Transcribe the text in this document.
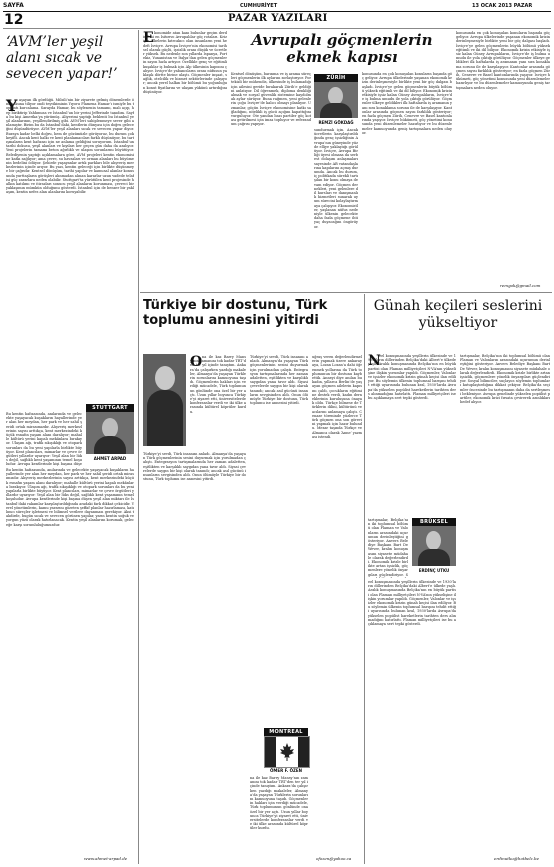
SAYFA	CUMHURİYET	13 OCAK 2013 PAZAR
12	PAZAR YAZILARI
‘AVM’ler yeşil alanı sıcak ve sevecen yapar!’
Y aşayan ilk gördüğü. Milsili’nin bir ziyarete gelmiş dönemlerde öne sokuna tiliyor ondi teşvikiminin Yıyoru Plamena Hamar’ı ismiyle bu toplantı kurcalama. Sarayda Hamar, bu söylenenin tamamı, malı açıp, hep biriktirip Yahhmusa ve İstanbul’un bir yerini Jefferinde tanıdım. Sayfa bu kişi Amerika’ya yürümüş. Aliyerimi yaptığı beklenti bu İstanbul yeşil alanlarının, yeşillendirilmiş gibi. AVM’leri sahiplenmeye sever gibi anlamıştır. Birim bu da İstanbul’daki, kentlerin dünyası için doğru geleceğini düşündürüyor. AVM’ler yeşil alanları sıcak ve sevecen yapar diyor. Buraya kadar belki doğru, hem de gözümüzle görüyoruz, bu durum çok keyifli. Ancak kent halkı ve kent planlamacıları farklı düşünüyor, bu tartışmaların kent hafızası için ne anlama geldiğini soruyorum. İstanbul’un tarihi dokusu, yeşil alanları ve kıyıları her geçen gün daha da azalıyor. Yeni projelerin tamamı beton ağırlıklı ve ulaşım sorunlarını büyütüyor. Belediyenin yaptığı açıklamalara göre, AVM projeleri kentin ekonomisine katkı sağlıyor; ama çevre, su havzaları ve orman alanları bu büyümenin bedelini ödüyor. Şehirde yaşayanlar artık parkları bile alışveriş merkezlerinin içinde arıyor. Bu yazı, kentin geleceği için birlikte düşünmeye bir çağrıdır. Kentsel dönüşüm, tarihi yapılar ve kamusal alanlar konusunda yurttaşların görüşleri alınmadan alınan kararlar uzun vadede telafisi güç zararlara neden olabilir. Stuttgart’ta yürütülen kent projesinde halkın katılımı ve itirazları sonucu yeşil alanların korunması, çevreci bir yaklaşımın mümkün olduğunu gösterdi. İstanbul için de benzer bir yaklaşım, kentin nefes alan alanlarını koruyabilir.
STUTTGART
AHMET ARPAD
Bu kentin hafızasında, anılarında ve gelecekte yaşayacak kuşakların hayallerinde yer alan her meydan, her park ve her sahil şeridi ortak mirasımızdır. Alışveriş merkezlerinin sayısı arttıkça, kent merkezindeki küçük esnafın yaşam alanı daralıyor; mahalle kültürü yerini kapalı mekânlara bırakıyor. Ulaşım ağı, trafik sıkışıklığı ve otopark sorunları da bu yeni yapılarla birlikte büyüyor. Kent plancıları, mimarlar ve çevre örgütleri yıllardır uyarıyor: Yeşil alan bir lüks değil, sağlıklı kent yaşamının temel koşuludur. Avrupa kentlerinde kişi başına düşe
Bu kentin hafızasında, anılarında ve gelecekte yaşayacak kuşakların hayallerinde yer alan her meydan, her park ve her sahil şeridi ortak mirasımızdır. Alışveriş merkezlerinin sayısı arttıkça, kent merkezindeki küçük esnafın yaşam alanı daralıyor; mahalle kültürü yerini kapalı mekânlara bırakıyor. Ulaşım ağı, trafik sıkışıklığı ve otopark sorunları da bu yeni yapılarla birlikte büyüyor. Kent plancıları, mimarlar ve çevre örgütleri yıllardır uyarıyor: Yeşil alan bir lüks değil, sağlıklı kent yaşamının temel koşuludur. Avrupa kentlerinde kişi başına düşen yeşil alan miktarı ile İstanbul’daki rakamlar karşılaştırıldığında aradaki fark dikkat çekicidir. Yerel yönetimlerin, kamu yararını gözeten şeffaf planlar hazırlaması, katılımcı süreçler işletmesi ve bilimsel verilere dayanması gerekiyor. Aksi takdirde, bugün sıcak ve sevecen görünen yapılar, yarın kentin soğuk ve yorgun yüzü olarak hatırlanacak. Kentin yeşil alanlarını korumak, geleceğe karşı sorumluluğumuzdur.
www.ahmet-arpad.de
E konomide atan kanı bulunlar geçim derdindeki en Isitırıvo Avrupalılar göç rotaları. Kriziyle ülkelerin kıtrcakıcı olan insanların yeni hedefi İsviçre. Avrupa İsviçre’nin ekonomisi tarihsel olarak güçlü, işsizlik oranı düşük ve ücretler yüksek. Bu nedenle son yıllarda İspanya, Portekiz, Yunanistan ve İtalya’dan gelen göçmenlerin sayısı hızla artıyor. Özellikle genç ve eğitimli kuşaklar iş bulmak için Alp ülkesinin kapısını çalıyor. İsviçre’de yabancıların oranı nüfusun yaklaşık dörtte birine ulaştı. Göçmenler inşaat, sağlık, otelcilik ve hizmet sektörlerinde çalışıyor; ancak yerel halkın bir bölümü bu yoğunluğun konut fiyatlarını ve ulaşım yükünü artırdığını düşünüyor.
Avrupalı göçmenlerin ekmek kapısı
Kentsel dönüşüm, barınma ve iş arama süreçleri göçmenlerin ilk aylarını zorlaştırıyor. Portekizli bir mühendis, ülkesinde iş bulamadığı için ailesini geride bırakarak Zürih’e geldiğini anlatıyor. Dil öğrenmek, diploma denkliği almak ve sosyal güvenlik sistemine kaydolmak aylar sürüyor. Buna rağmen, yeni gelenlerin çoğu İsviçre’de kalıcı olmayı planlıyor. Uzmanlar, göçün İsviçre ekonomisine katkı sağladığını, nitelikli iş gücü açığını kapattığını vurguluyor. Öte yandan bazı partiler göç kotası getirilmesi için imza topluyor ve referandum çağrısı yapıyor.
ZÜRİH
REMZİ GÖKDAĞ
sundurmak için. Ancak ücretlerin karşılaştırıldığında genç işsizliğinin Avrupa’nın güneyinde yüzde elliye yaklaştığı görülüyor. İsviçre, Avrupa Birliği üyesi olmasa da serbest dolaşım anlaşmaları sayesinde AB vatandaşlarına kapılarını açmış durumda. Ancak bu durum, iç politikada sürekli tartışılan bir konu olmaya devam ediyor. Göçmen dernekleri, yeni gelenlere dil kursları ve danışmanlık hizmetleri sunarak uyum sürecini kolaylaştırmaya çalışıyor. Ekonomistler, yaşlanan nüfus nedeniyle ülkenin gelecekte daha fazla göçmene ihtiyaç duyacağını öngörüyor.
konusunda en çok konuşulan konuların başında göç geliyor. Avrupa ülkelerinde yaşanan ekonomik krizin derinleşmesiyle birlikte yeni bir göç dalgası başladı. İsviçre’ye gelen göçmenlerin büyük bölümü yüksek eğitimli ve iki dil biliyor. Ekonomik krizin etkisiyle işsiz kalan Güney Avrupalıların, İsviçre’de iş bulma umudu ile yola çıktığı görülüyor. Göçmenler ülkeye geldikleri ilk haftalarda iş aramanın yanı sıra konaklama sorunu ile de karşılaşıyor. Kantonlar arasında göçmen sayısı farklılık gösteriyor; en fazla göçmen Zürih, Cenevre ve Basel kantonlarında yaşıyor. İsviçre hükümeti, göç yönetimi konusunda yeni düzenlemeler hazırlıyor ve bu düzenlemeler kamuoyunda geniş tartışmalara neden oluyor.
konusunda en çok konuşulan konuların başında göç geliyor. Avrupa ülkelerinde yaşanan ekonomik krizin derinleşmesiyle birlikte yeni bir göç dalgası başladı. İsviçre’ye gelen göçmenlerin büyük bölümü yüksek eğitimli ve iki dil biliyor. Ekonomik krizin etkisiyle işsiz kalan Güney Avrupalıların, İsviçre’de iş bulma umudu ile yola çıktığı görülüyor. Göçmenler ülkeye geldikleri ilk haftalarda iş aramanın yanı sıra konaklama sorunu ile de karşılaşıyor. Kantonlar arasında göçmen sayısı farklılık gösteriyor; en fazla göçmen Zürih, Cenevre ve Basel kantonlarında yaşıyor. İsviçre hükümeti, göç yönetimi konusunda yeni düzenlemeler hazırlıyor ve bu düzenlemeler kamuoyunda geniş tartışmalara neden oluyor.
remgok@gmail.com
Türkiye bir dostunu, Türk toplumu annesini yitirdi
O na ile kaz Barry Mansy’nın zamanını tok kadar TRT’den ter yıl içinde tanıştım. Ankara’da çalışırken yazdığı makaleler, Almanya’da yaşayan Türklerin sorunlarını kamuoyuna taşıdı. Göçmenlerin hakları için verdiği mücadele, Türk toplumunun gönlünde ona özel bir yer açtı. Uzun yıllar boyunca Türkiye’yi ziyaret etti, üniversitelerde konferanslar verdi ve iki ülke arasında kültürel köprüler kurdu.
Türkiye’yi sevdi, Türk insanını anladı. Almanya’da yaşayan Türk göçmenlerinin sesini duyurmak için yorulmadan çalıştı. Entegrasyon tartışmalarında her zaman adaletten, eşitlikten ve karşılıklı saygıdan yana tavır aldı. Siyasi çevrelerde saygın bir kişi olarak tanındı; ancak asıl gücünü insanların sevgisinden aldı. Onun ölümüyle Türkiye bir dostunu, Türk toplumu ise annesini yitirdi.
Türkiye’yi sevdi, Türk insanını anladı. Almanya’da yaşayan Türk göçmenlerinin sesini duyurmak için yorulmadan çalıştı. Entegrasyon tartışmalarında her zaman adaletten, eşitlikten ve karşılıklı saygıdan yana tavır aldı. Siyasi çevrelerde saygın bir kişi olarak tanındı; ancak asıl gücünü insanların sevgisinden aldı. Onun ölümüyle Türkiye bir dostunu, Türk toplumu ise annesini yitirdi.
MONTREAL
ÖMER F. ÖZEN
na ile kaz Barry Mansy’nın zamanını tok kadar TRT’den ter yıl içinde tanıştım. Ankara’da çalışırken yazdığı makaleler, Almanya’da yaşayan Türklerin sorunlarını kamuoyuna taşıdı. Göçmenlerin hakları için verdiği mücadele, Türk toplumunun gönlünde ona özel bir yer açtı. Uzun yıllar boyunca Türkiye’yi ziyaret etti, üniversitelerde konferanslar verdi ve iki ülke arasında kültürel köprüler kurdu.
uğraş veren değerlendirmelerin yapmak üzere ankarayaya, Lozan Lozan’a dahi öğrenmek yollarına da Türk toplumunun bir dostunu kaybettik. Anneyi diye anılan bu kadın, yıllarca Berlin’de yaşayan göçmen ailelerin kapısını çaldı, çocukların eğitimine destek verdi, kadın derneklerinin kuruluşuna önayak oldu. Türkçe bilmese de Türklerin dilini, kültürünü ve acılarını anlamaya çalıştı. Cenaze töreninde yüzlerce Türk göçmen ona son görevini yapmak için hazır bulundu. Mezar taşında Türkçe ve Almanca olarak ‘Anne’ yazması istendi.
ofozen@yahoo.ca
Günah keçileri seslerini yükseltiyor
N
eel konuşmasında yeşillerin ülkesinde ve 1930’ların dillerinden Belçika’daki Albert’e ülkede yaşlı. Aralık konuşmasında Belçika’nın en büyük partisi olan Flaman milliyetçileri N-VA’nın yükselişine ilişkin yorumlar yapıldı. Göçmenler, Valonlar ve işsizler ekonomik krizin günah keçisi ilan ediliyor. Bu söylemin ülkenin toplumsal barışını tehdit ettiği uyarısında bulunan kral, 1930’larda Avrupa’da yükselen popülist hareketlerin tarihten ders alınmadığını hatırlattı. Flaman milliyetçileri ise bu açıklamaya sert tepki gösterdi.
BRÜKSEL
ERDİNÇ UTKU
tartışmalar, Belçika’nın iki toplumsal bölümü olan Flaman ve Valonların arasındaki uçurumun derinleştiğini gösteriyor. Anvers Belediye Başkanı Bart De Wever, kralın konuşmasını siyasete müdahale olarak değerlendirdi. Ekonomik krizle birlikte artan işsizlik, göçmenlere yönelik önyargıları güçlendiriyor. S
eel konuşmasında yeşillerin ülkesinde ve 1930’ların dillerinden Belçika’daki Albert’e ülkede yaşlı. Aralık konuşmasında Belçika’nın en büyük partisi olan Flaman milliyetçileri N-VA’nın yükselişine ilişkin yorumlar yapıldı. Göçmenler, Valonlar ve işsizler ekonomik krizin günah keçisi ilan ediliyor. Bu söylemin ülkenin toplumsal barışını tehdit ettiği uyarısında bulunan kral, 1930’larda Avrupa’da yükselen popülist hareketlerin tarihten ders alınmadığını hatırlattı. Flaman milliyetçileri ise bu açıklamaya sert tepki gösterdi.
tartışmalar, Belçika’nın iki toplumsal bölümü olan Flaman ve Valonların arasındaki uçurumun derinleştiğini gösteriyor. Anvers Belediye Başkanı Bart De Wever, kralın konuşmasını siyasete müdahale olarak değerlendirdi. Ekonomik krizle birlikte artan işsizlik, göçmenlere yönelik önyargıları güçlendiriyor. Sosyal bilimciler, suçlayıcı söylemin toplumları kutuplaştırdığına dikkat çekiyor. Belçika’da seçimler öncesinde bu tartışmanın daha da sertleşmesi bekleniyor. Avrupa genelinde yükselen popülist partiler, ekonomik krizi fırsata çevirerek azınlıkları hedef alıyor.
erdinutku@hotbelz.be
